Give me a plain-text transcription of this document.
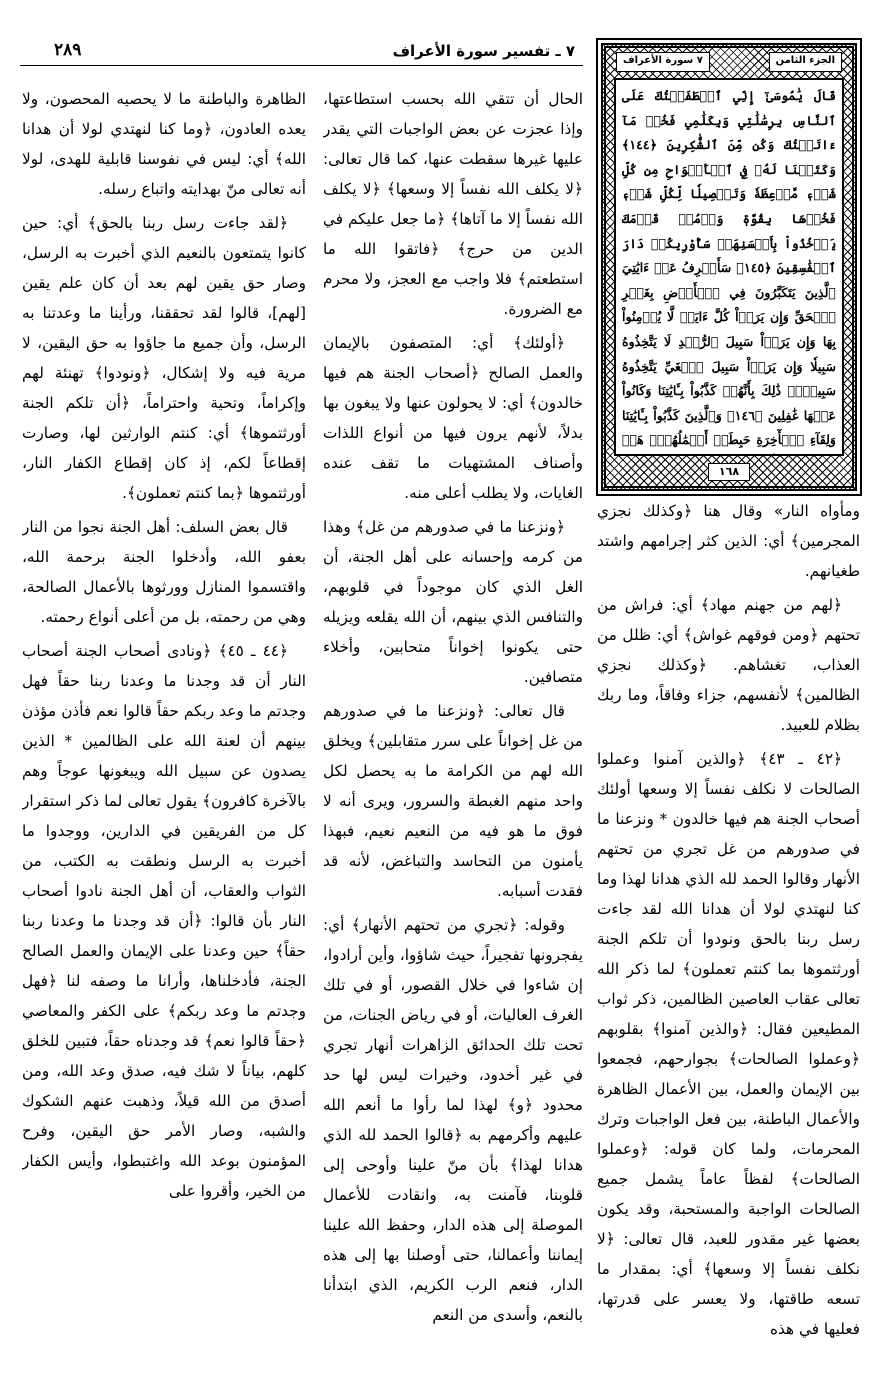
٧ ـ تفسير سورة الأعراف
٢٨٩
الجزء الثامن
٧ سورة الأعراف
قَالَ يَٰمُوسَىٰٓ إِنِّي ٱصۡطَفَيۡتُكَ عَلَى ٱلنَّاسِ بِرِسَٰلَٰتِي وَبِكَلَٰمِي فَخُذۡ مَآ ءَاتَيۡتُكَ وَكُن مِّنَ ٱلشَّٰكِرِينَ ﴿١٤٤﴾ وَكَتَبۡنَا لَهُۥ فِي ٱلۡأَلۡوَاحِ مِن كُلِّ شَيۡءٖ مَّوۡعِظَةٗ وَتَفۡصِيلٗا لِّكُلِّ شَيۡءٖ فَخُذۡهَا بِقُوَّةٖ وَأۡمُرۡ قَوۡمَكَ يَأۡخُذُواْ بِأَحۡسَنِهَاۚ سَأُوْرِيكُمۡ دَارَ ٱلۡفَٰسِقِينَ ﴿١٤٥﴾ سَأَصۡرِفُ عَنۡ ءَايَٰتِيَ ٱلَّذِينَ يَتَكَبَّرُونَ فِي ٱلۡأَرۡضِ بِغَيۡرِ ٱلۡحَقِّ وَإِن يَرَوۡاْ كُلَّ ءَايَةٖ لَّا يُؤۡمِنُواْ بِهَا وَإِن يَرَوۡاْ سَبِيلَ ٱلرُّشۡدِ لَا يَتَّخِذُوهُ سَبِيلٗا وَإِن يَرَوۡاْ سَبِيلَ ٱلۡغَيِّ يَتَّخِذُوهُ سَبِيلٗاۚ ذَٰلِكَ بِأَنَّهُمۡ كَذَّبُواْ بِـَٔايَٰتِنَا وَكَانُواْ عَنۡهَا غَٰفِلِينَ ﴿١٤٦﴾ وَٱلَّذِينَ كَذَّبُواْ بِـَٔايَٰتِنَا وَلِقَآءِ ٱلۡأٓخِرَةِ حَبِطَتۡ أَعۡمَٰلُهُمۡۚ هَلۡ
١٦٨

ومأواه النار» وقال هنا ﴿وكذلك نجزي المجرمين﴾ أي: الذين كثر إجرامهم واشتد طغيانهم.

﴿لهم من جهنم مهاد﴾ أي: فراش من تحتهم ﴿ومن فوقهم غواش﴾ أي: ظلل من العذاب، تغشاهم. ﴿وكذلك نجزي الظالمين﴾ لأنفسهم، جزاء وفاقاً، وما ربك بظلام للعبيد.

﴿٤٢ ـ ٤٣﴾ ﴿والذين آمنوا وعملوا الصالحات لا نكلف نفساً إلا وسعها أولئك أصحاب الجنة هم فيها خالدون * ونزعنا ما في صدورهم من غل تجري من تحتهم الأنهار وقالوا الحمد لله الذي هدانا لهذا وما كنا لنهتدي لولا أن هدانا الله لقد جاءت رسل ربنا بالحق ونودوا أن تلكم الجنة أورثتموها بما كنتم تعملون﴾ لما ذكر الله تعالى عقاب العاصين الظالمين، ذكر ثواب المطيعين فقال: ﴿والذين آمنوا﴾ بقلوبهم ﴿وعملوا الصالحات﴾ بجوارحهم، فجمعوا بين الإيمان والعمل، بين الأعمال الظاهرة والأعمال الباطنة، بين فعل الواجبات وترك المحرمات، ولما كان قوله: ﴿وعملوا الصالحات﴾ لفظاً عاماً يشمل جميع الصالحات الواجبة والمستحبة، وقد يكون بعضها غير مقدور للعبد، قال تعالى: ﴿لا نكلف نفساً إلا وسعها﴾ أي: بمقدار ما تسعه طاقتها، ولا يعسر على قدرتها، فعليها في هذه

الحال أن تتقي الله بحسب استطاعتها، وإذا عجزت عن بعض الواجبات التي يقدر عليها غيرها سقطت عنها، كما قال تعالى: ﴿لا يكلف الله نفساً إلا وسعها﴾ ﴿لا يكلف الله نفساً إلا ما آتاها﴾ ﴿ما جعل عليكم في الدين من حرج﴾ ﴿فاتقوا الله ما استطعتم﴾ فلا واجب مع العجز، ولا محرم مع الضرورة.

﴿أولئك﴾ أي: المتصفون بالإيمان والعمل الصالح ﴿أصحاب الجنة هم فيها خالدون﴾ أي: لا يحولون عنها ولا يبغون بها بدلاً، لأنهم يرون فيها من أنواع اللذات وأصناف المشتهيات ما تقف عنده الغايات، ولا يطلب أعلى منه.

﴿ونزعنا ما في صدورهم من غل﴾ وهذا من كرمه وإحسانه على أهل الجنة، أن الغل الذي كان موجوداً في قلوبهم، والتنافس الذي بينهم، أن الله يقلعه ويزيله حتى يكونوا إخواناً متحابين، وأخلاء متصافين.

قال تعالى: ﴿ونزعنا ما في صدورهم من غل إخواناً على سرر متقابلين﴾ ويخلق الله لهم من الكرامة ما به يحصل لكل واحد منهم الغبطة والسرور، ويرى أنه لا فوق ما هو فيه من النعيم نعيم، فبهذا يأمنون من التحاسد والتباغض، لأنه قد فقدت أسبابه.

وقوله: ﴿تجري من تحتهم الأنهار﴾ أي: يفجرونها تفجيراً، حيث شاؤوا، وأين أرادوا، إن شاءوا في خلال القصور، أو في تلك الغرف العاليات، أو في رياض الجنات، من تحت تلك الحدائق الزاهرات أنهار تجري في غير أخدود، وخيرات ليس لها حد محدود ﴿و﴾ لهذا لما رأوا ما أنعم الله عليهم وأكرمهم به ﴿قالوا الحمد لله الذي هدانا لهذا﴾ بأن منّ علينا وأوحى إلى قلوبنا، فآمنت به، وانقادت للأعمال الموصلة إلى هذه الدار، وحفظ الله علينا إيماننا وأعمالنا، حتى أوصلنا بها إلى هذه الدار، فنعم الرب الكريم، الذي ابتدأنا بالنعم، وأسدى من النعم

الظاهرة والباطنة ما لا يحصيه المحصون، ولا يعده العادون، ﴿وما كنا لنهتدي لولا أن هدانا الله﴾ أي: ليس في نفوسنا قابلية للهدى، لولا أنه تعالى منّ بهدايته واتباع رسله.

﴿لقد جاءت رسل ربنا بالحق﴾ أي: حين كانوا يتمتعون بالنعيم الذي أخبرت به الرسل، وصار حق يقين لهم بعد أن كان علم يقين [لهم]، قالوا لقد تحققنا، ورأينا ما وعدتنا به الرسل، وأن جميع ما جاؤوا به حق اليقين، لا مرية فيه ولا إشكال، ﴿ونودوا﴾ تهنئة لهم وإكراماً، وتحية واحتراماً، ﴿أن تلكم الجنة أورثتموها﴾ أي: كنتم الوارثين لها، وصارت إقطاعاً لكم، إذ كان إقطاع الكفار النار، أورثتموها ﴿بما كنتم تعملون﴾.

قال بعض السلف: أهل الجنة نجوا من النار بعفو الله، وأدخلوا الجنة برحمة الله، واقتسموا المنازل وورثوها بالأعمال الصالحة، وهي من رحمته، بل من أعلى أنواع رحمته.

﴿٤٤ ـ ٤٥﴾ ﴿ونادى أصحاب الجنة أصحاب النار أن قد وجدنا ما وعدنا ربنا حقاً فهل وجدتم ما وعد ربكم حقاً قالوا نعم فأذن مؤذن بينهم أن لعنة الله على الظالمين * الذين يصدون عن سبيل الله ويبغونها عوجاً وهم بالآخرة كافرون﴾ يقول تعالى لما ذكر استقرار كل من الفريقين في الدارين، ووجدوا ما أخبرت به الرسل ونطقت به الكتب، من الثواب والعقاب، أن أهل الجنة نادوا أصحاب النار بأن قالوا: ﴿أن قد وجدنا ما وعدنا ربنا حقاً﴾ حين وعدنا على الإيمان والعمل الصالح الجنة، فأدخلناها، وأرانا ما وصفه لنا ﴿فهل وجدتم ما وعد ربكم﴾ على الكفر والمعاصي ﴿حقاً قالوا نعم﴾ قد وجدناه حقاً، فتبين للخلق كلهم، بياناً لا شك فيه، صدق وعد الله، ومن أصدق من الله قيلاً، وذهبت عنهم الشكوك والشبه، وصار الأمر حق اليقين، وفرح المؤمنون بوعد الله واغتبطوا، وأيس الكفار من الخير، وأقروا على
